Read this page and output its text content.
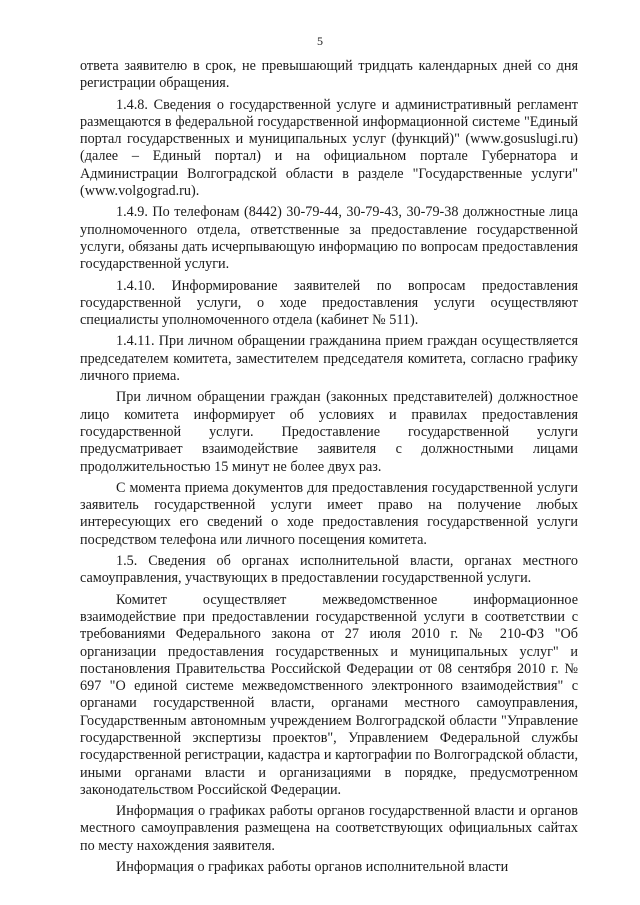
5

ответа заявителю в срок, не превышающий тридцать календарных дней со дня регистрации обращения.

1.4.8. Сведения о государственной услуге и административный регламент размещаются в федеральной государственной информационной системе "Единый портал государственных и муниципальных услуг (функций)" (www.gosuslugi.ru) (далее – Единый портал) и на официальном портале Губернатора и Администрации Волгоградской области в разделе "Государственные услуги" (www.volgograd.ru).

1.4.9. По телефонам (8442) 30-79-44, 30-79-43, 30-79-38 должностные лица уполномоченного отдела, ответственные за предоставление государственной услуги, обязаны дать исчерпывающую информацию по вопросам предоставления государственной услуги.

1.4.10. Информирование заявителей по вопросам предоставления государственной услуги, о ходе предоставления услуги осуществляют специалисты уполномоченного отдела (кабинет № 511).

1.4.11. При личном обращении гражданина прием граждан осуществляется председателем комитета, заместителем председателя комитета, согласно графику личного приема.

При личном обращении граждан (законных представителей) должностное лицо комитета информирует об условиях и правилах предоставления государственной услуги. Предоставление государственной услуги предусматривает взаимодействие заявителя с должностными лицами продолжительностью 15 минут не более двух раз.

С момента приема документов для предоставления государственной услуги заявитель государственной услуги имеет право на получение любых интересующих его сведений о ходе предоставления государственной услуги посредством телефона или личного посещения комитета.

1.5. Сведения об органах исполнительной власти, органах местного самоуправления, участвующих в предоставлении государственной услуги.

Комитет осуществляет межведомственное информационное взаимодействие при предоставлении государственной услуги в соответствии с требованиями Федерального закона от 27 июля 2010 г. № 210-ФЗ "Об организации предоставления государственных и муниципальных услуг" и постановления Правительства Российской Федерации от 08 сентября 2010 г. № 697 "О единой системе межведомственного электронного взаимодействия" с органами государственной власти, органами местного самоуправления, Государственным автономным учреждением Волгоградской области "Управление государственной экспертизы проектов", Управлением Федеральной службы государственной регистрации, кадастра и картографии по Волгоградской области, иными органами власти и организациями в порядке, предусмотренном законодательством Российской Федерации.

Информация о графиках работы органов государственной власти и органов местного самоуправления размещена на соответствующих официальных сайтах по месту нахождения заявителя.

Информация о графиках работы органов исполнительной власти
